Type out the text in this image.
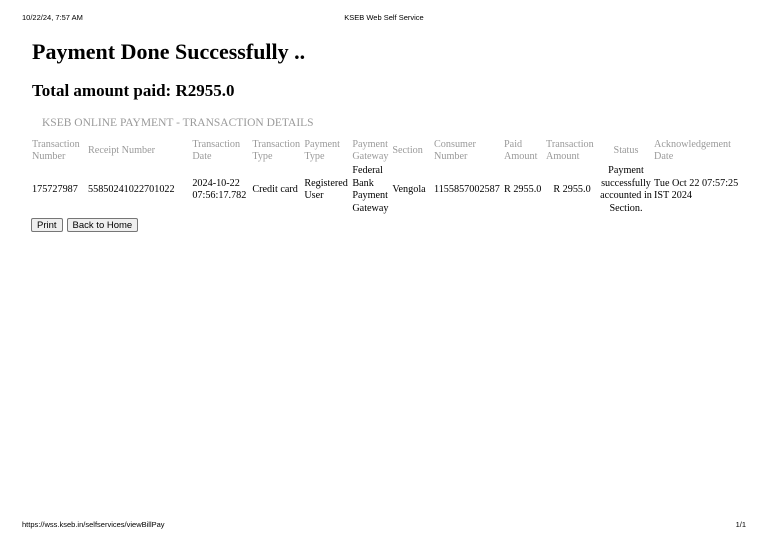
10/22/24, 7:57 AM	KSEB Web Self Service
Payment Done Successfully ..
Total amount paid: R2955.0
KSEB ONLINE PAYMENT - TRANSACTION DETAILS
Transaction Number	Receipt Number	Transaction Date	Transaction Type	Payment Type	Payment Gateway	Section	Consumer Number	Paid Amount	Transaction Amount	Status	Acknowledgement Date
175727987	55850241022701022	2024-10-22 07:56:17.782	Credit card	Registered User	Federal Bank Payment Gateway	Vengola	1155857002587	R 2955.0	R 2955.0	Payment successfully accounted in Section.	Tue Oct 22 07:57:25 IST 2024
Print	Back to Home
https://wss.kseb.in/selfservices/viewBillPay	1/1
